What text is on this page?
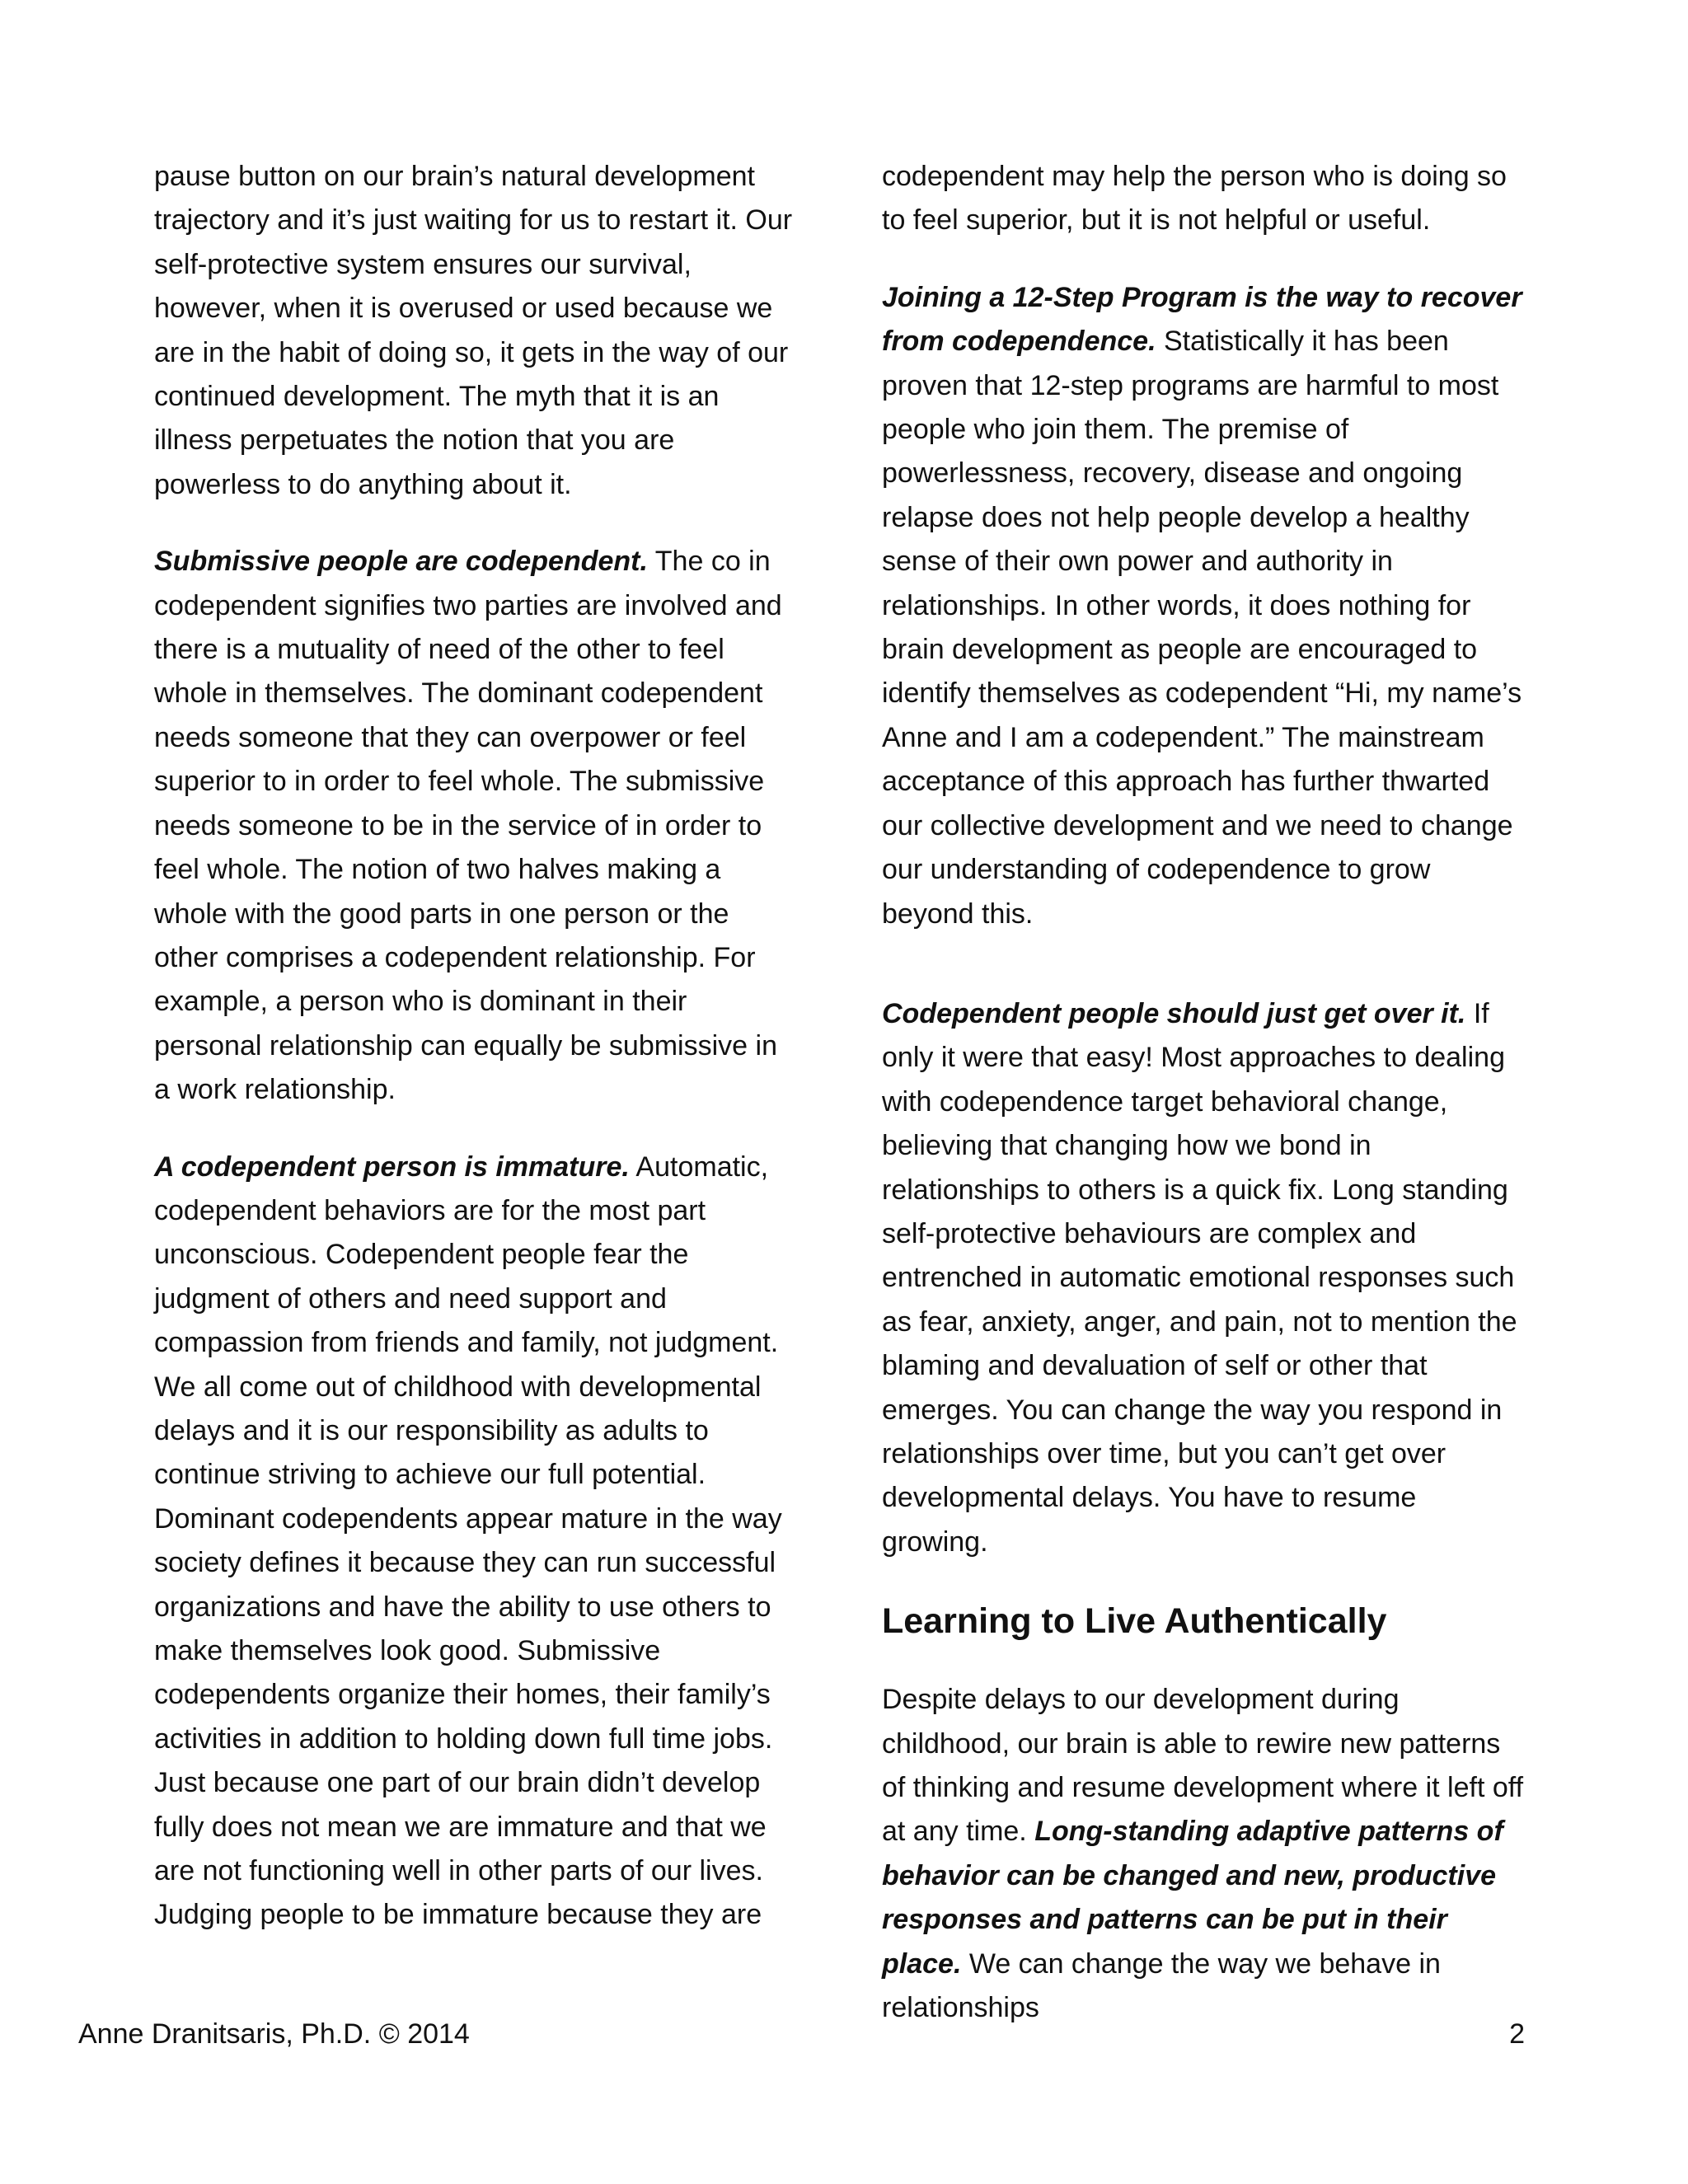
pause button on our brain’s natural development trajectory and it’s just waiting for us to restart it. Our self-protective system ensures our survival, however, when it is overused or used because we are in the habit of doing so, it gets in the way of our continued development. The myth that it is an illness perpetuates the notion that you are powerless to do anything about it.

Submissive people are codependent. The co in codependent signifies two parties are involved and there is a mutuality of need of the other to feel whole in themselves. The dominant codependent needs someone that they can overpower or feel superior to in order to feel whole. The submissive needs someone to be in the service of in order to feel whole. The notion of two halves making a whole with the good parts in one person or the other comprises a codependent relationship. For example, a person who is dominant in their personal relationship can equally be submissive in a work relationship.

A codependent person is immature. Automatic, codependent behaviors are for the most part unconscious. Codependent people fear the judgment of others and need support and compassion from friends and family, not judgment. We all come out of childhood with developmental delays and it is our responsibility as adults to continue striving to achieve our full potential. Dominant codependents appear mature in the way society defines it because they can run successful organizations and have the ability to use others to make themselves look good. Submissive codependents organize their homes, their family’s activities in addition to holding down full time jobs. Just because one part of our brain didn’t develop fully does not mean we are immature and that we are not functioning well in other parts of our lives. Judging people to be immature because they are

codependent may help the person who is doing so to feel superior, but it is not helpful or useful.

Joining a 12-Step Program is the way to recover from codependence. Statistically it has been proven that 12-step programs are harmful to most people who join them. The premise of powerlessness, recovery, disease and ongoing relapse does not help people develop a healthy sense of their own power and authority in relationships. In other words, it does nothing for brain development as people are encouraged to identify themselves as codependent “Hi, my name’s Anne and I am a codependent.” The mainstream acceptance of this approach has further thwarted our collective development and we need to change our understanding of codependence to grow beyond this.

Codependent people should just get over it. If only it were that easy! Most approaches to dealing with codependence target behavioral change, believing that changing how we bond in relationships to others is a quick fix. Long standing self-protective behaviours are complex and entrenched in automatic emotional responses such as fear, anxiety, anger, and pain, not to mention the blaming and devaluation of self or other that emerges. You can change the way you respond in relationships over time, but you can’t get over developmental delays. You have to resume growing.

Learning to Live Authentically

Despite delays to our development during childhood, our brain is able to rewire new patterns of thinking and resume development where it left off at any time. Long-standing adaptive patterns of behavior can be changed and new, productive responses and patterns can be put in their place. We can change the way we behave in relationships

Anne Dranitsaris, Ph.D. © 2014	2
